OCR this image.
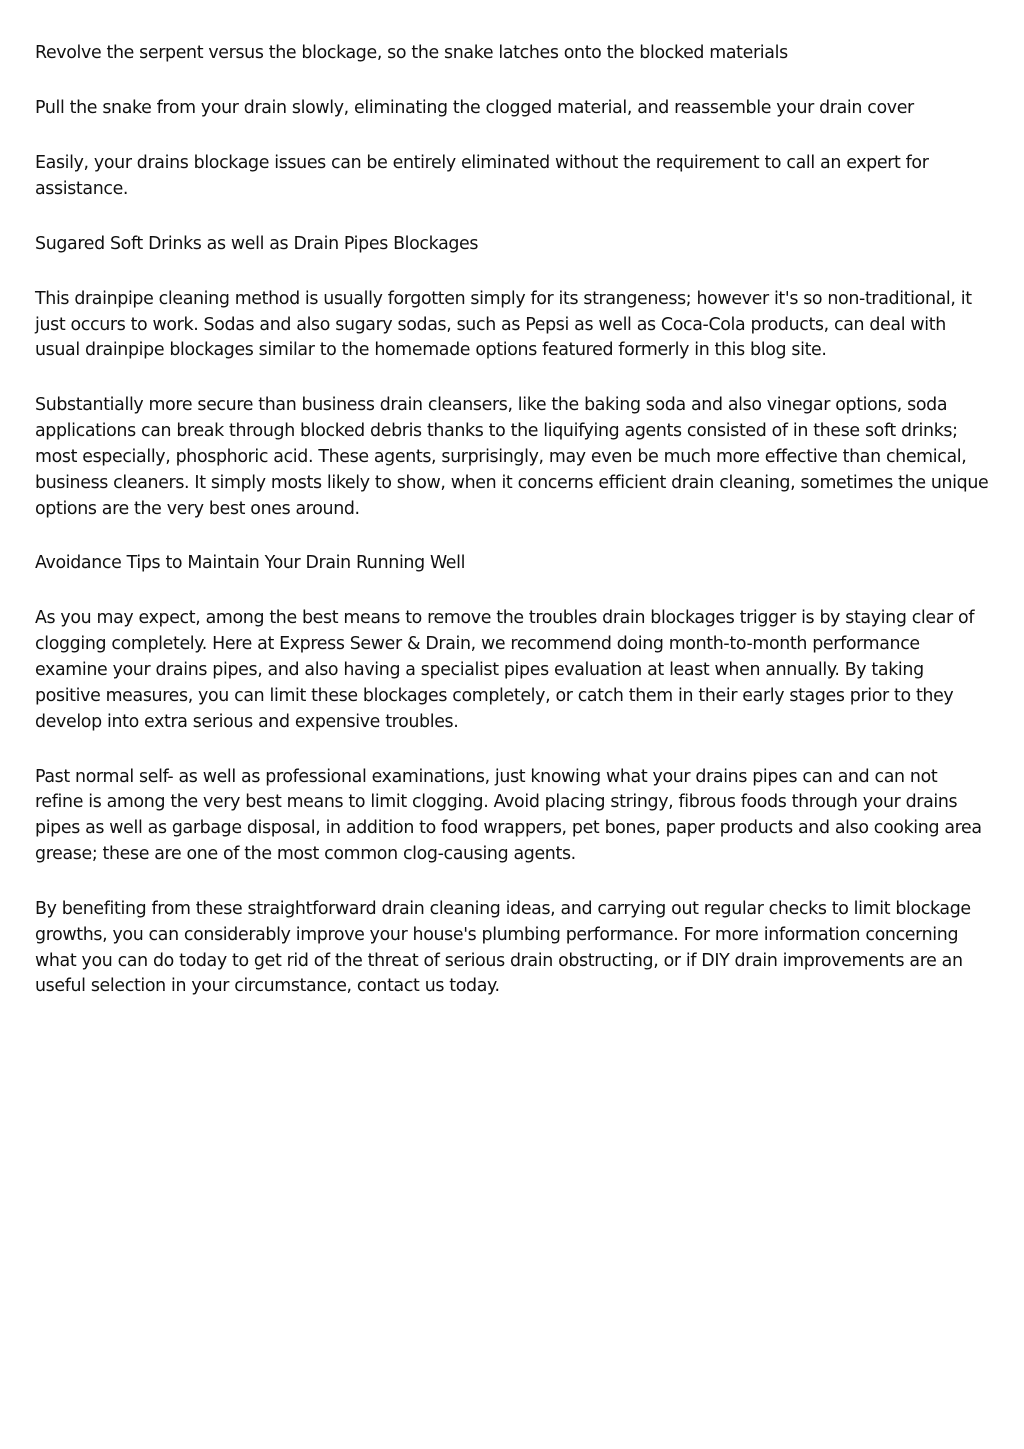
Revolve the serpent versus the blockage, so the snake latches onto the blocked materials

Pull the snake from your drain slowly, eliminating the clogged material, and reassemble your drain cover

Easily, your drains blockage issues can be entirely eliminated without the requirement to call an expert for assistance.

Sugared Soft Drinks as well as Drain Pipes Blockages

This drainpipe cleaning method is usually forgotten simply for its strangeness; however it's so non-traditional, it just occurs to work. Sodas and also sugary sodas, such as Pepsi as well as Coca-Cola products, can deal with usual drainpipe blockages similar to the homemade options featured formerly in this blog site.

Substantially more secure than business drain cleansers, like the baking soda and also vinegar options, soda applications can break through blocked debris thanks to the liquifying agents consisted of in these soft drinks; most especially, phosphoric acid. These agents, surprisingly, may even be much more effective than chemical, business cleaners. It simply mosts likely to show, when it concerns efficient drain cleaning, sometimes the unique options are the very best ones around.

Avoidance Tips to Maintain Your Drain Running Well

As you may expect, among the best means to remove the troubles drain blockages trigger is by staying clear of clogging completely. Here at Express Sewer & Drain, we recommend doing month-to-month performance examine your drains pipes, and also having a specialist pipes evaluation at least when annually. By taking positive measures, you can limit these blockages completely, or catch them in their early stages prior to they develop into extra serious and expensive troubles.

Past normal self- as well as professional examinations, just knowing what your drains pipes can and can not refine is among the very best means to limit clogging. Avoid placing stringy, fibrous foods through your drains pipes as well as garbage disposal, in addition to food wrappers, pet bones, paper products and also cooking area grease; these are one of the most common clog-causing agents.

By benefiting from these straightforward drain cleaning ideas, and carrying out regular checks to limit blockage growths, you can considerably improve your house's plumbing performance. For more information concerning what you can do today to get rid of the threat of serious drain obstructing, or if DIY drain improvements are an useful selection in your circumstance, contact us today.
